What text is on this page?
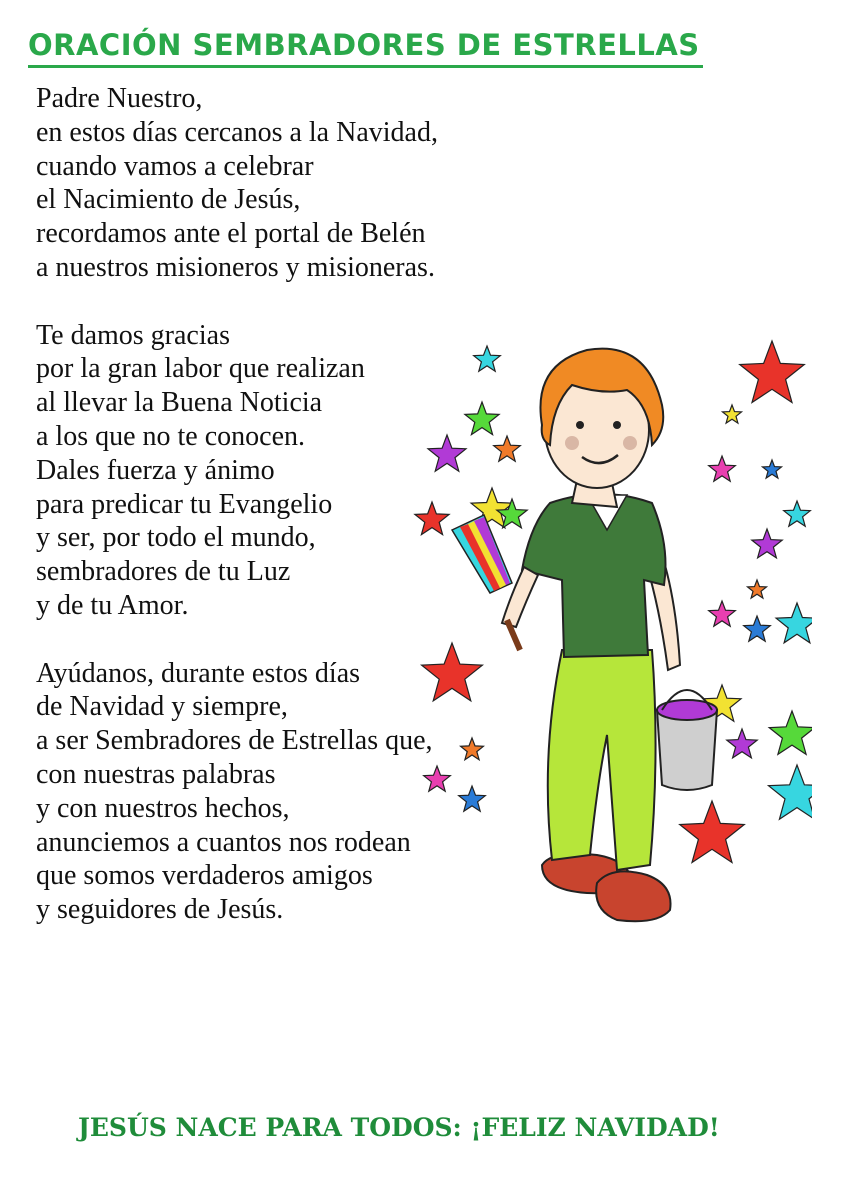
ORACIÓN SEMBRADORES DE ESTRELLAS
Padre Nuestro,
en estos días cercanos a la Navidad,
cuando vamos a celebrar
el Nacimiento de Jesús,
recordamos ante el portal de Belén
a nuestros misioneros y misioneras.
Te damos gracias
por la gran labor que realizan
al llevar la Buena Noticia
a los que no te conocen.
Dales fuerza y ánimo
para predicar tu Evangelio
y ser, por todo el mundo,
sembradores de tu Luz
y de tu Amor.
Ayúdanos, durante estos días
de Navidad y siempre,
a ser Sembradores de Estrellas que,
con nuestras palabras
y con nuestros hechos,
anunciemos a cuantos nos rodean
que somos verdaderos amigos
y seguidores de Jesús.
JESÚS NACE PARA TODOS: ¡FELIZ NAVIDAD!
